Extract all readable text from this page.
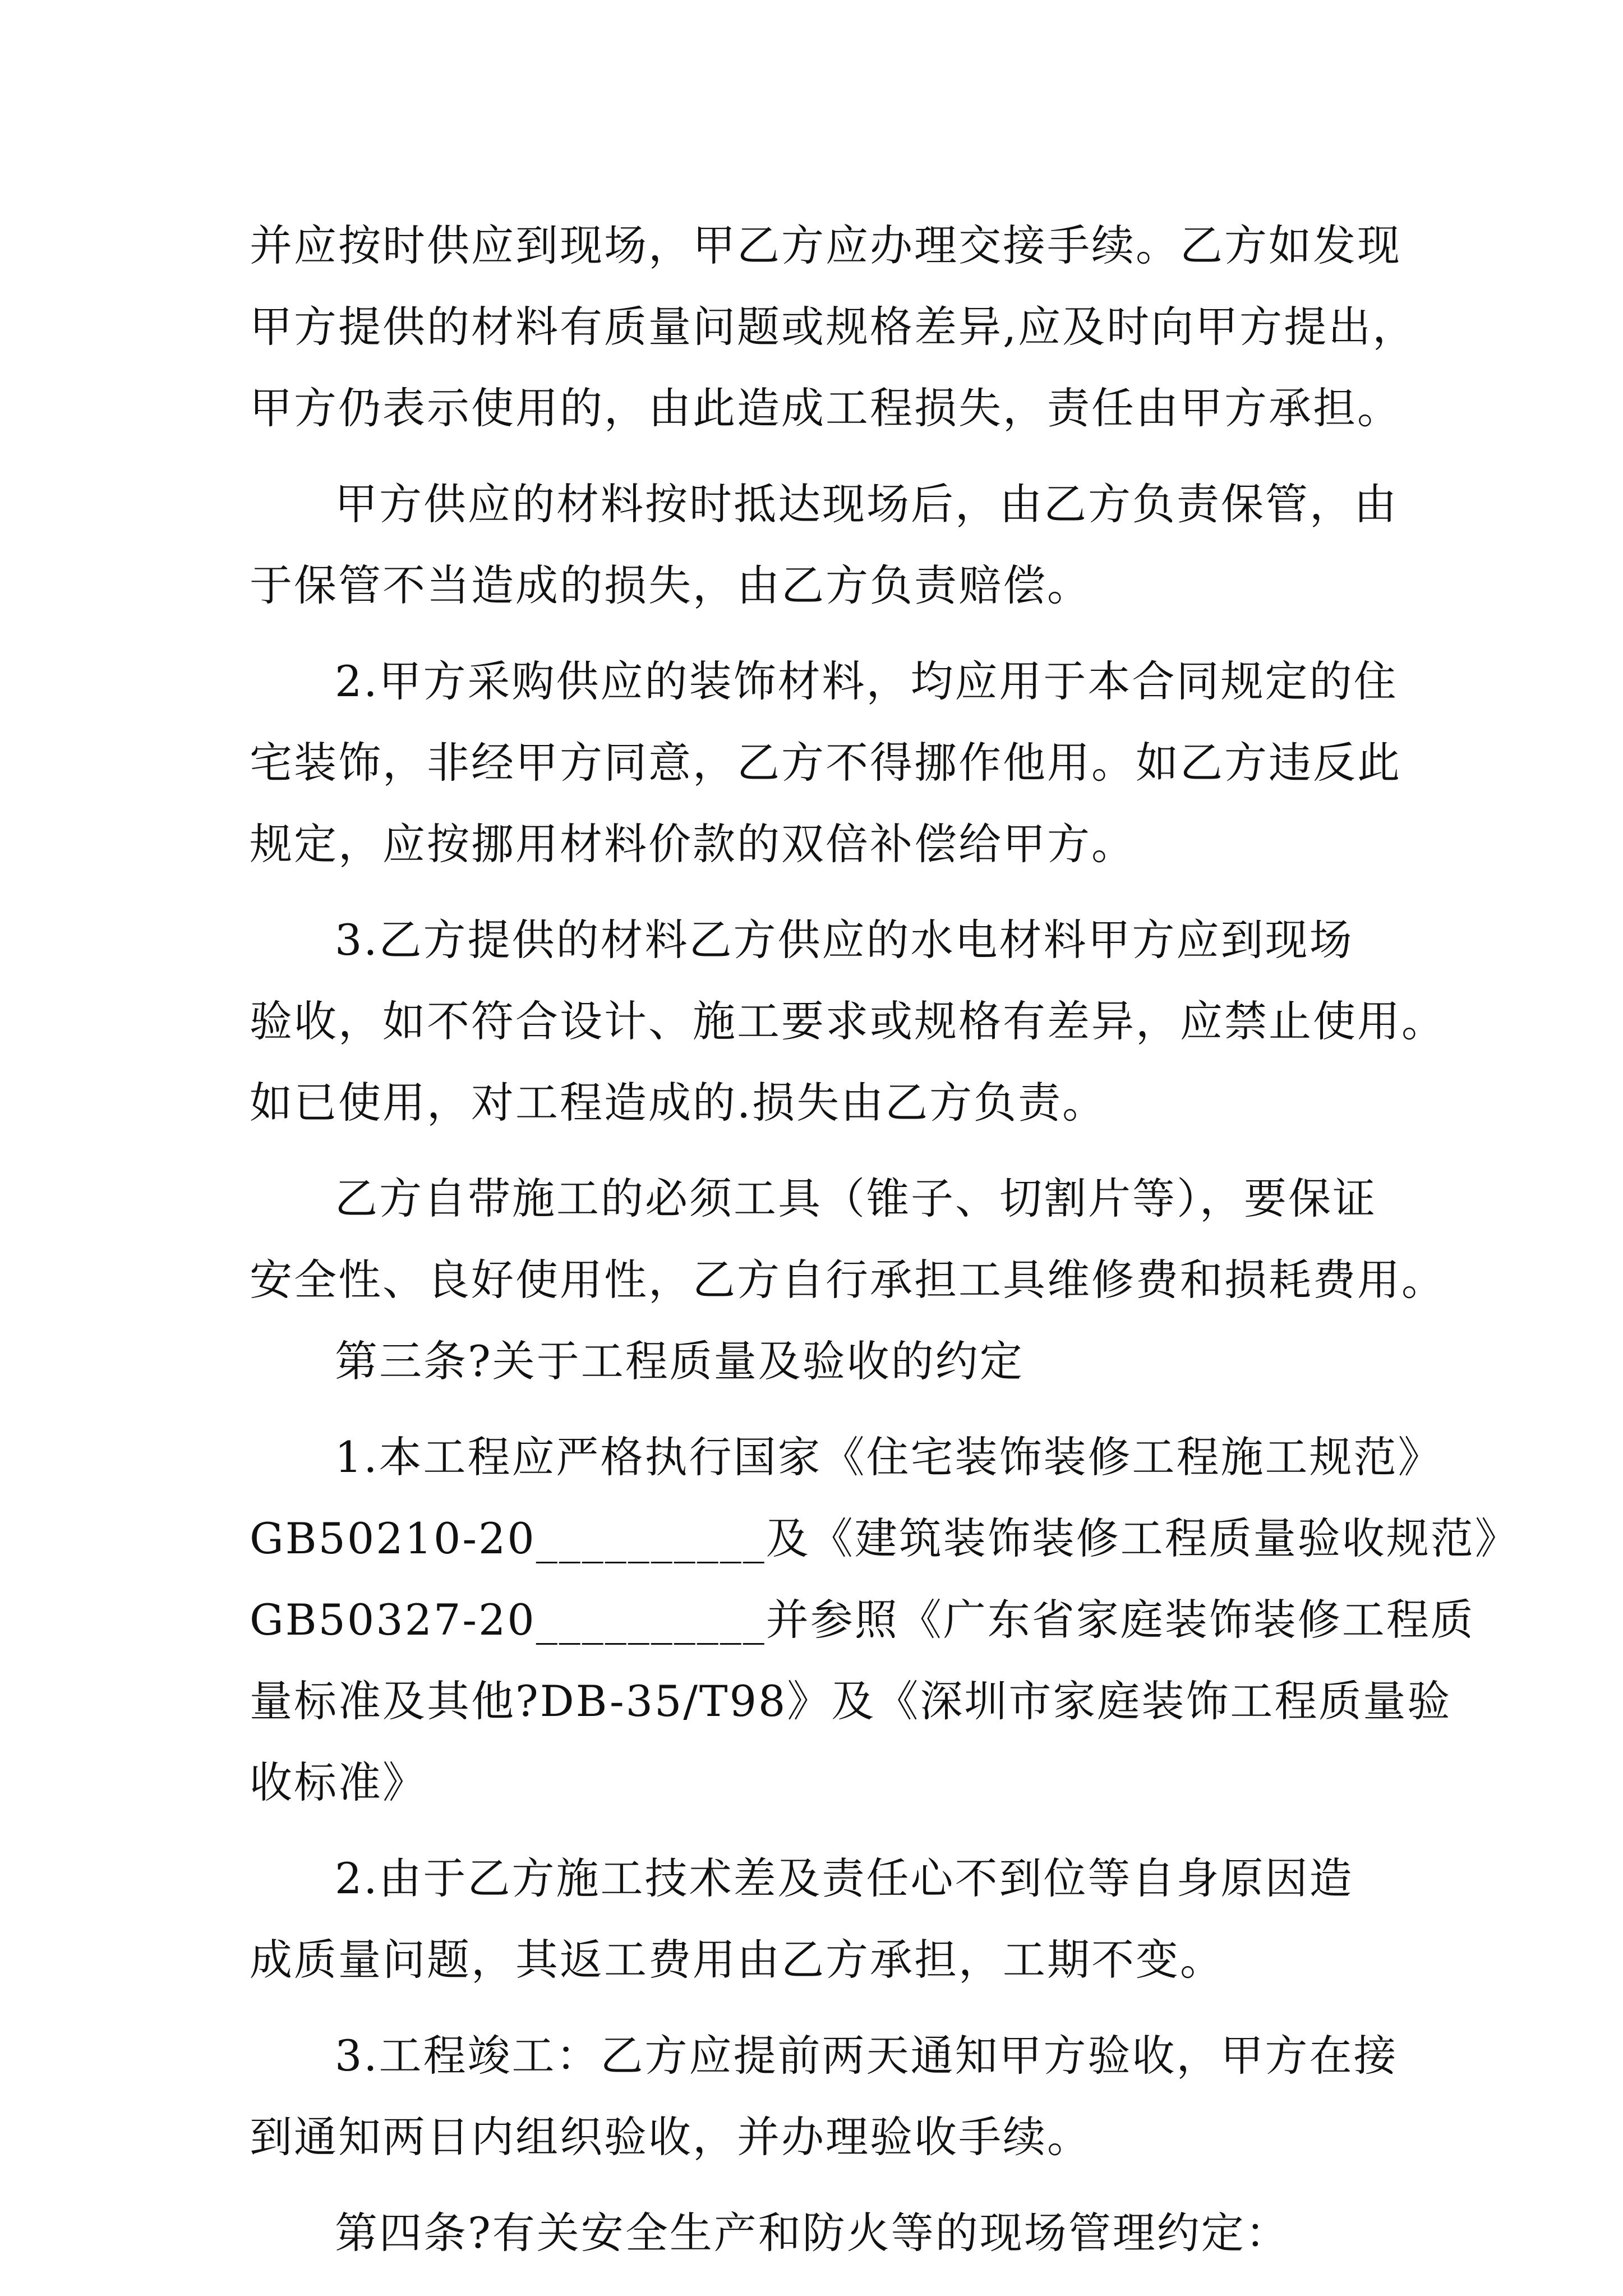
并应按时供应到现场，甲乙方应办理交接手续。乙方如发现
甲方提供的材料有质量问题或规格差异,应及时向甲方提出，
甲方仍表示使用的，由此造成工程损失，责任由甲方承担。
甲方供应的材料按时抵达现场后，由乙方负责保管，由
于保管不当造成的损失，由乙方负责赔偿。
2.甲方采购供应的装饰材料，均应用于本合同规定的住
宅装饰，非经甲方同意，乙方不得挪作他用。如乙方违反此
规定，应按挪用材料价款的双倍补偿给甲方。
3.乙方提供的材料乙方供应的水电材料甲方应到现场
验收，如不符合设计、施工要求或规格有差异，应禁止使用。
如已使用，对工程造成的.损失由乙方负责。
乙方自带施工的必须工具（锥子、切割片等），要保证
安全性、良好使用性，乙方自行承担工具维修费和损耗费用。
第三条?关于工程质量及验收的约定
1.本工程应严格执行国家《住宅装饰装修工程施工规范》
GB50210-20__________及《建筑装饰装修工程质量验收规范》
GB50327-20__________并参照《广东省家庭装饰装修工程质
量标准及其他?DB-35/T98》及《深圳市家庭装饰工程质量验
收标准》
2.由于乙方施工技术差及责任心不到位等自身原因造
成质量问题，其返工费用由乙方承担，工期不变。
3.工程竣工：乙方应提前两天通知甲方验收，甲方在接
到通知两日内组织验收，并办理验收手续。
第四条?有关安全生产和防火等的现场管理约定：
